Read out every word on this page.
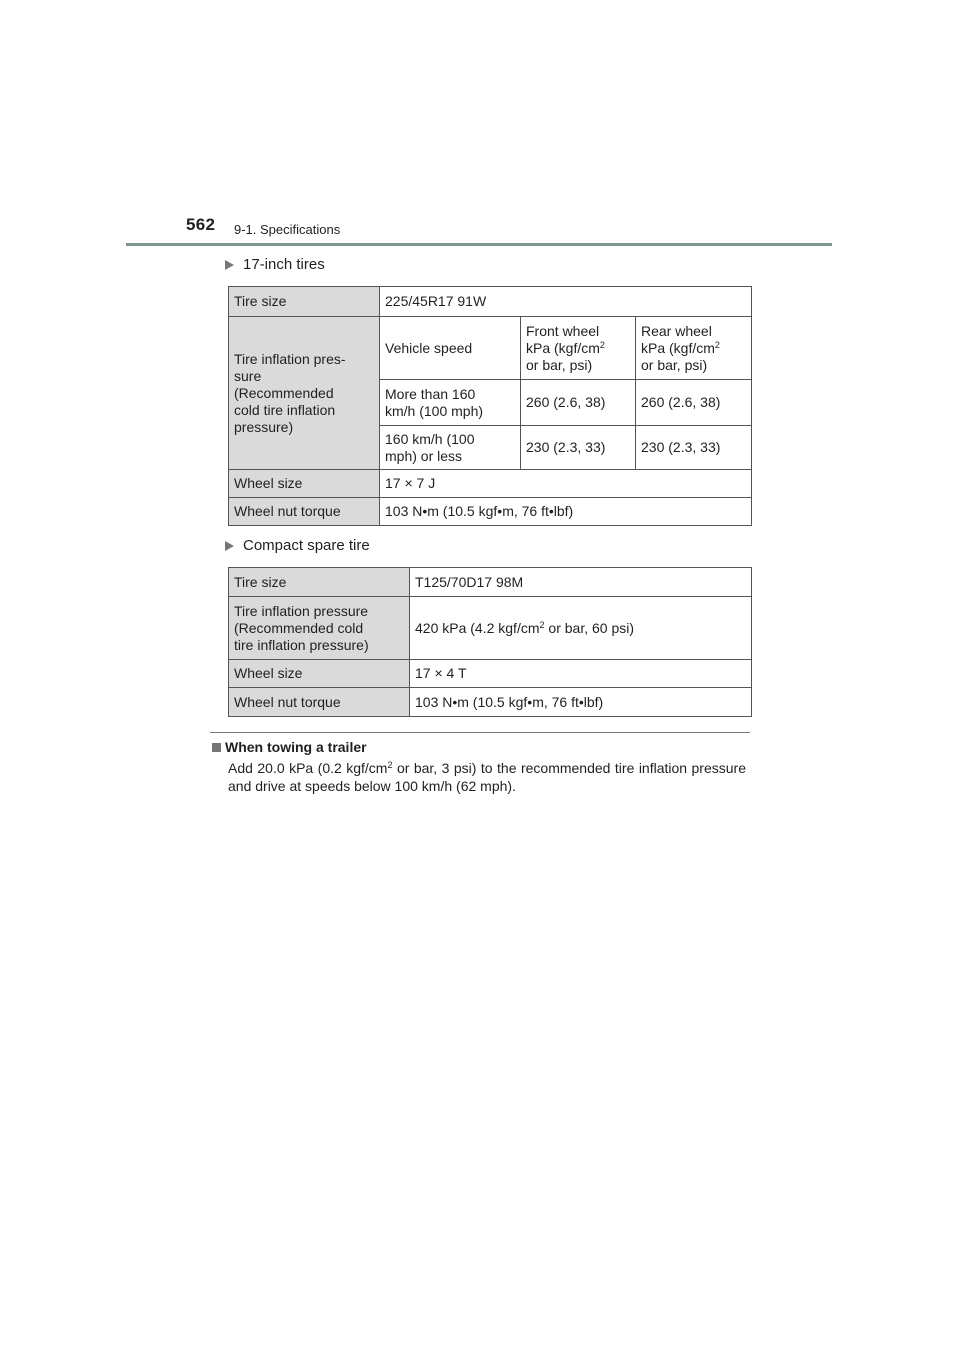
562 9-1. Specifications
17-inch tires
Tire size	225/45R17 91W		
Tire inflation pres-
sure
(Recommended
cold tire inflation
pressure)	Vehicle speed	Front wheel
kPa ($kgf/cm^2$
or bar, psi)	Rear wheel
kPa ($kgf/cm^2$
or bar, psi)
	More than 160
km/h (100 mph)	260 (2.6, 38)	260 (2.6, 38)
	160 km/h (100
mph) or less	230 (2.3, 33)	230 (2.3, 33)
Wheel size	17 × 7 J		
Wheel nut torque	103 N•m (10.5 kgf•m, 76 ft•lbf)		
Compact spare tire
Tire size	T125/70D17 98M
Tire inflation pressure
(Recommended cold
tire inflation pressure)	420 kPa (4.2 kgf/$cm^2$ or bar, 60 psi)
Wheel size	17 × 4 T
Wheel nut torque	103 N•m (10.5 kgf•m, 76 ft•lbf)
When towing a trailer
Add 20.0 kPa (0.2 kgf/$cm^2$ or bar, 3 psi) to the recommended tire inflation pressure and drive at speeds below 100 km/h (62 mph).
